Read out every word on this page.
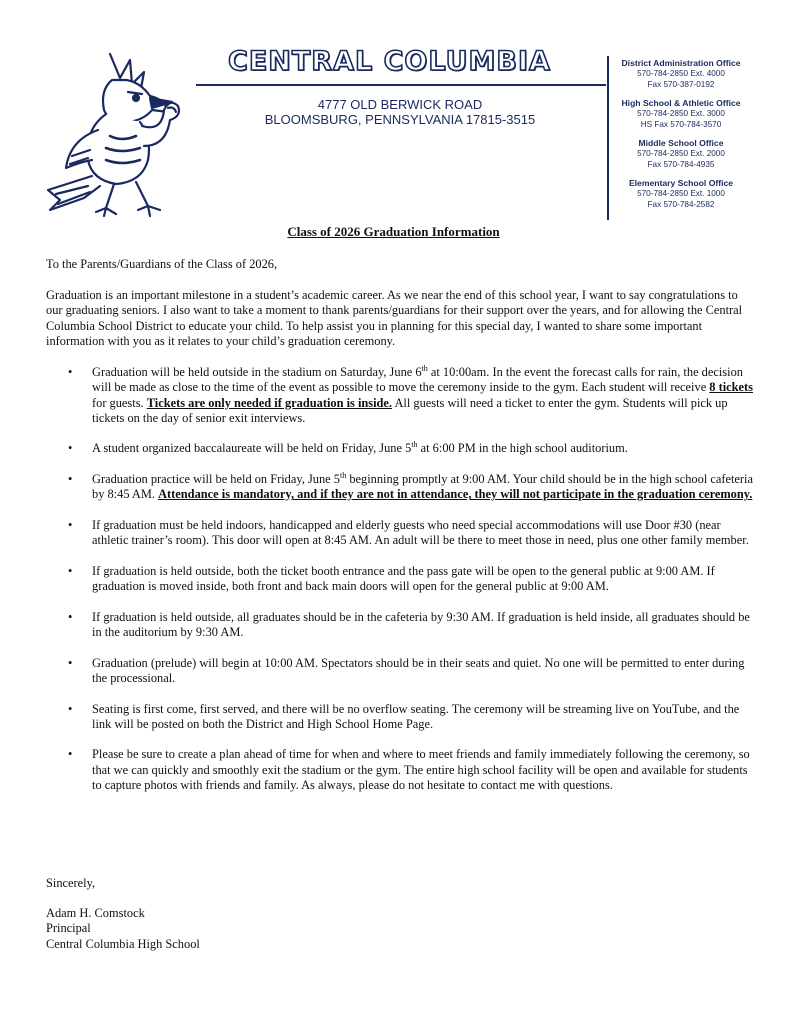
CENTRAL COLUMBIA
4777 OLD BERWICK ROAD
BLOOMSBURG, PENNSYLVANIA 17815-3515
District Administration Office
570-784-2850 Ext. 4000
Fax 570-387-0192
High School & Athletic Office
570-784-2850 Ext. 3000
HS Fax 570-784-3570
Middle School Office
570-784-2850 Ext. 2000
Fax 570-784-4935
Elementary School Office
570-784-2850 Ext. 1000
Fax 570-784-2582
Class of 2026 Graduation Information
To the Parents/Guardians of the Class of 2026,

Graduation is an important milestone in a student’s academic career. As we near the end of this school year, I want to say congratulations to our graduating seniors. I also want to take a moment to thank parents/guardians for their support over the years, and for allowing the Central Columbia School District to educate your child. To help assist you in planning for this special day, I wanted to share some important information with you as it relates to your child’s graduation ceremony.

• Graduation will be held outside in the stadium on Saturday, June 6th at 10:00am. In the event the forecast calls for rain, the decision will be made as close to the time of the event as possible to move the ceremony inside to the gym. Each student will receive 8 tickets for guests. Tickets are only needed if graduation is inside. All guests will need a ticket to enter the gym. Students will pick up tickets on the day of senior exit interviews.
• A student organized baccalaureate will be held on Friday, June 5th at 6:00 PM in the high school auditorium.
• Graduation practice will be held on Friday, June 5th beginning promptly at 9:00 AM. Your child should be in the high school cafeteria by 8:45 AM. Attendance is mandatory, and if they are not in attendance, they will not participate in the graduation ceremony.
• If graduation must be held indoors, handicapped and elderly guests who need special accommodations will use Door #30 (near athletic trainer’s room). This door will open at 8:45 AM. An adult will be there to meet those in need, plus one other family member.
• If graduation is held outside, both the ticket booth entrance and the pass gate will be open to the general public at 9:00 AM. If graduation is moved inside, both front and back main doors will open for the general public at 9:00 AM.
• If graduation is held outside, all graduates should be in the cafeteria by 9:30 AM. If graduation is held inside, all graduates should be in the auditorium by 9:30 AM.
• Graduation (prelude) will begin at 10:00 AM. Spectators should be in their seats and quiet. No one will be permitted to enter during the processional.
• Seating is first come, first served, and there will be no overflow seating. The ceremony will be streaming live on YouTube, and the link will be posted on both the District and High School Home Page.
• Please be sure to create a plan ahead of time for when and where to meet friends and family immediately following the ceremony, so that we can quickly and smoothly exit the stadium or the gym. The entire high school facility will be open and available for students to capture photos with friends and family. As always, please do not hesitate to contact me with questions.
Sincerely,
Adam H. Comstock
Principal
Central Columbia High School
